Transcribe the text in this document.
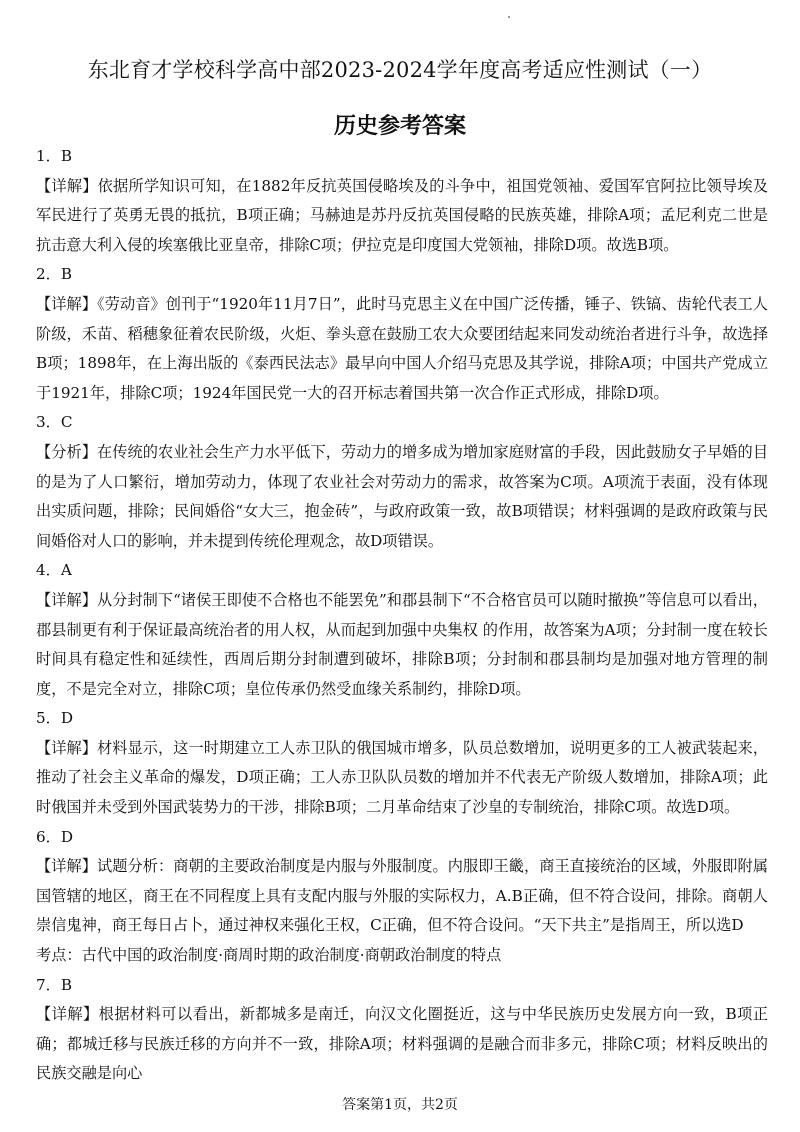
东北育才学校科学高中部2023-2024学年度高考适应性测试（一）
历史参考答案

1．B

【详解】依据所学知识可知，在1882年反抗英国侵略埃及的斗争中，祖国党领袖、爱国军官阿拉比领导埃及军民进行了英勇无畏的抵抗，B项正确；马赫迪是苏丹反抗英国侵略的民族英雄，排除A项；孟尼利克二世是抗击意大利入侵的埃塞俄比亚皇帝，排除C项；伊拉克是印度国大党领袖，排除D项。故选B项。

2．B

【详解】《劳动音》创刊于“1920年11月7日”，此时马克思主义在中国广泛传播，锤子、铁镐、齿轮代表工人阶级，禾苗、稻穗象征着农民阶级，火炬、拳头意在鼓励工农大众要团结起来同发动统治者进行斗争，故选择B项；1898年，在上海出版的《泰西民法志》最早向中国人介绍马克思及其学说，排除A项；中国共产党成立于1921年，排除C项；1924年国民党一大的召开标志着国共第一次合作正式形成，排除D项。

3．C

【分析】在传统的农业社会生产力水平低下，劳动力的增多成为增加家庭财富的手段，因此鼓励女子早婚的目的是为了人口繁衍，增加劳动力，体现了农业社会对劳动力的需求，故答案为C项。A项流于表面，没有体现出实质问题，排除；民间婚俗“女大三，抱金砖”，与政府政策一致，故B项错误；材料强调的是政府政策与民间婚俗对人口的影响，并未提到传统伦理观念，故D项错误。

4．A

【详解】从分封制下“诸侯王即使不合格也不能罢免”和郡县制下“不合格官员可以随时撤换”等信息可以看出，郡县制更有利于保证最高统治者的用人权，从而起到加强中央集权 的作用，故答案为A项；分封制一度在较长时间具有稳定性和延续性，西周后期分封制遭到破坏，排除B项；分封制和郡县制均是加强对地方管理的制度，不是完全对立，排除C项；皇位传承仍然受血缘关系制约，排除D项。

5．D

【详解】材料显示，这一时期建立工人赤卫队的俄国城市增多，队员总数增加，说明更多的工人被武装起来，推动了社会主义革命的爆发，D项正确；工人赤卫队队员数的增加并不代表无产阶级人数增加，排除A项；此时俄国并未受到外国武装势力的干涉，排除B项；二月革命结束了沙皇的专制统治，排除C项。故选D项。

6．D

【详解】试题分析：商朝的主要政治制度是内服与外服制度。内服即王畿，商王直接统治的区域，外服即附属国管辖的地区，商王在不同程度上具有支配内服与外服的实际权力，A.B正确，但不符合设问，排除。商朝人崇信鬼神，商王每日占卜，通过神权来强化王权，C正确，但不符合设问。“天下共主”是指周王，所以选D

考点：古代中国的政治制度·商周时期的政治制度·商朝政治制度的特点

7．B

【详解】根据材料可以看出，新都城多是南迁，向汉文化圈挺近，这与中华民族历史发展方向一致，B项正确；都城迁移与民族迁移的方向并不一致，排除A项；材料强调的是融合而非多元，排除C项；材料反映出的民族交融是向心

答案第1页，共2页
